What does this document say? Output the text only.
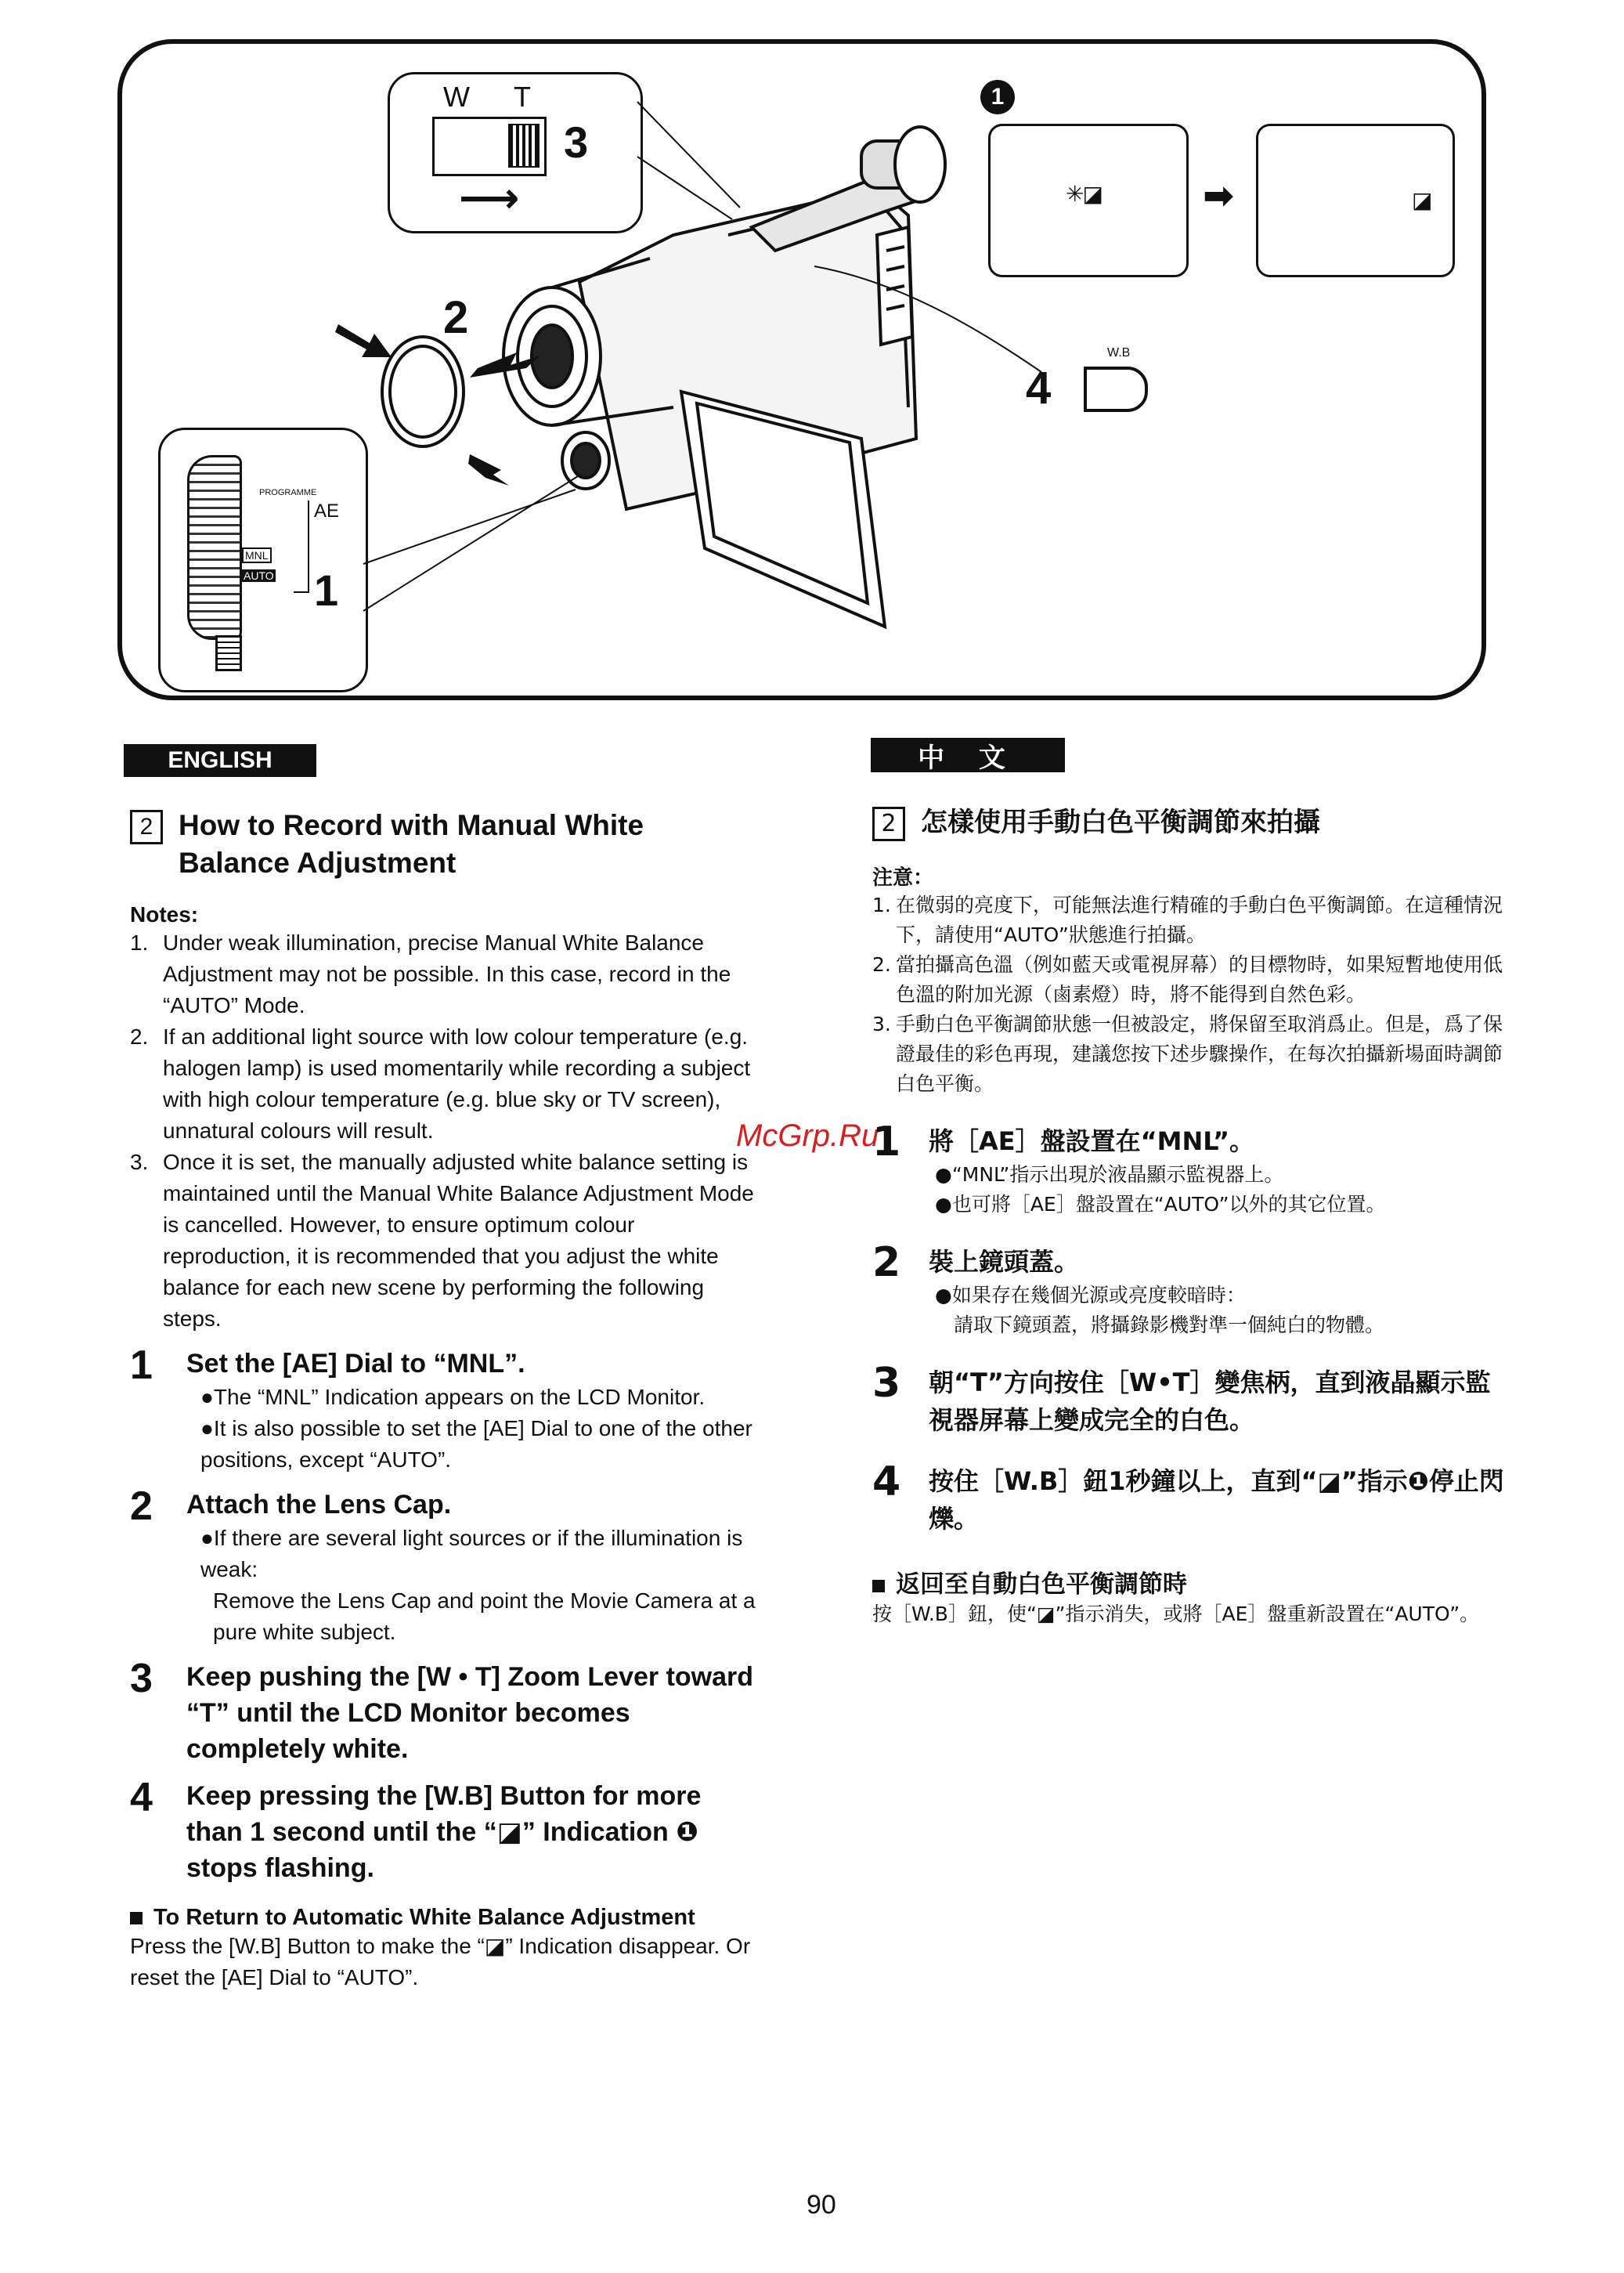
W T
3
⟶
PROGRAMME
AE
MNL
AUTO 1
2
1
✳◪	➡	◪
4
W.B
ENGLISH
2 How to Record with Manual White Balance Adjustment
Notes:
1. Under weak illumination, precise Manual White Balance Adjustment may not be possible. In this case, record in the “AUTO” Mode.
2. If an additional light source with low colour temperature (e.g. halogen lamp) is used momentarily while recording a subject with high colour temperature (e.g. blue sky or TV screen), unnatural colours will result.
3. Once it is set, the manually adjusted white balance setting is maintained until the Manual White Balance Adjustment Mode is cancelled. However, to ensure optimum colour reproduction, it is recommended that you adjust the white balance for each new scene by performing the following steps.
1	Set the [AE] Dial to “MNL”.
●The “MNL” Indication appears on the LCD Monitor.
●It is also possible to set the [AE] Dial to one of the other positions, except “AUTO”.
2	Attach the Lens Cap.
●If there are several light sources or if the illumination is weak:
Remove the Lens Cap and point the Movie Camera at a pure white subject.
3	Keep pushing the [W • T] Zoom Lever toward “T” until the LCD Monitor becomes completely white.
4	Keep pressing the [W.B] Button for more than 1 second until the “◪” Indication ❶ stops flashing.
To Return to Automatic White Balance Adjustment
Press the [W.B] Button to make the “◪” Indication disappear. Or reset the [AE] Dial to “AUTO”.
McGrp.Ru
中 文
2 怎樣使用手動白色平衡調節來拍攝
注意：
1. 在微弱的亮度下，可能無法進行精確的手動白色平衡調節。在這種情況下，請使用“AUTO”狀態進行拍攝。
2. 當拍攝高色溫（例如藍天或電視屏幕）的目標物時，如果短暫地使用低色溫的附加光源（鹵素燈）時，將不能得到自然色彩。
3. 手動白色平衡調節狀態一但被設定，將保留至取消爲止。但是，爲了保證最佳的彩色再現，建議您按下述步驟操作，在每次拍攝新場面時調節白色平衡。
1	將［AE］盤設置在“MNL”。
●“MNL”指示出現於液晶顯示監視器上。
●也可將［AE］盤設置在“AUTO”以外的其它位置。
2	裝上鏡頭蓋。
●如果存在幾個光源或亮度較暗時：
請取下鏡頭蓋，將攝錄影機對準一個純白的物體。
3	朝“T”方向按住［W•T］變焦柄，直到液晶顯示監視器屏幕上變成完全的白色。
4	按住［W.B］鈕1秒鐘以上，直到“◪”指示❶停止閃爍。
返回至自動白色平衡調節時
按［W.B］鈕，使“◪”指示消失，或將［AE］盤重新設置在“AUTO”。
90
